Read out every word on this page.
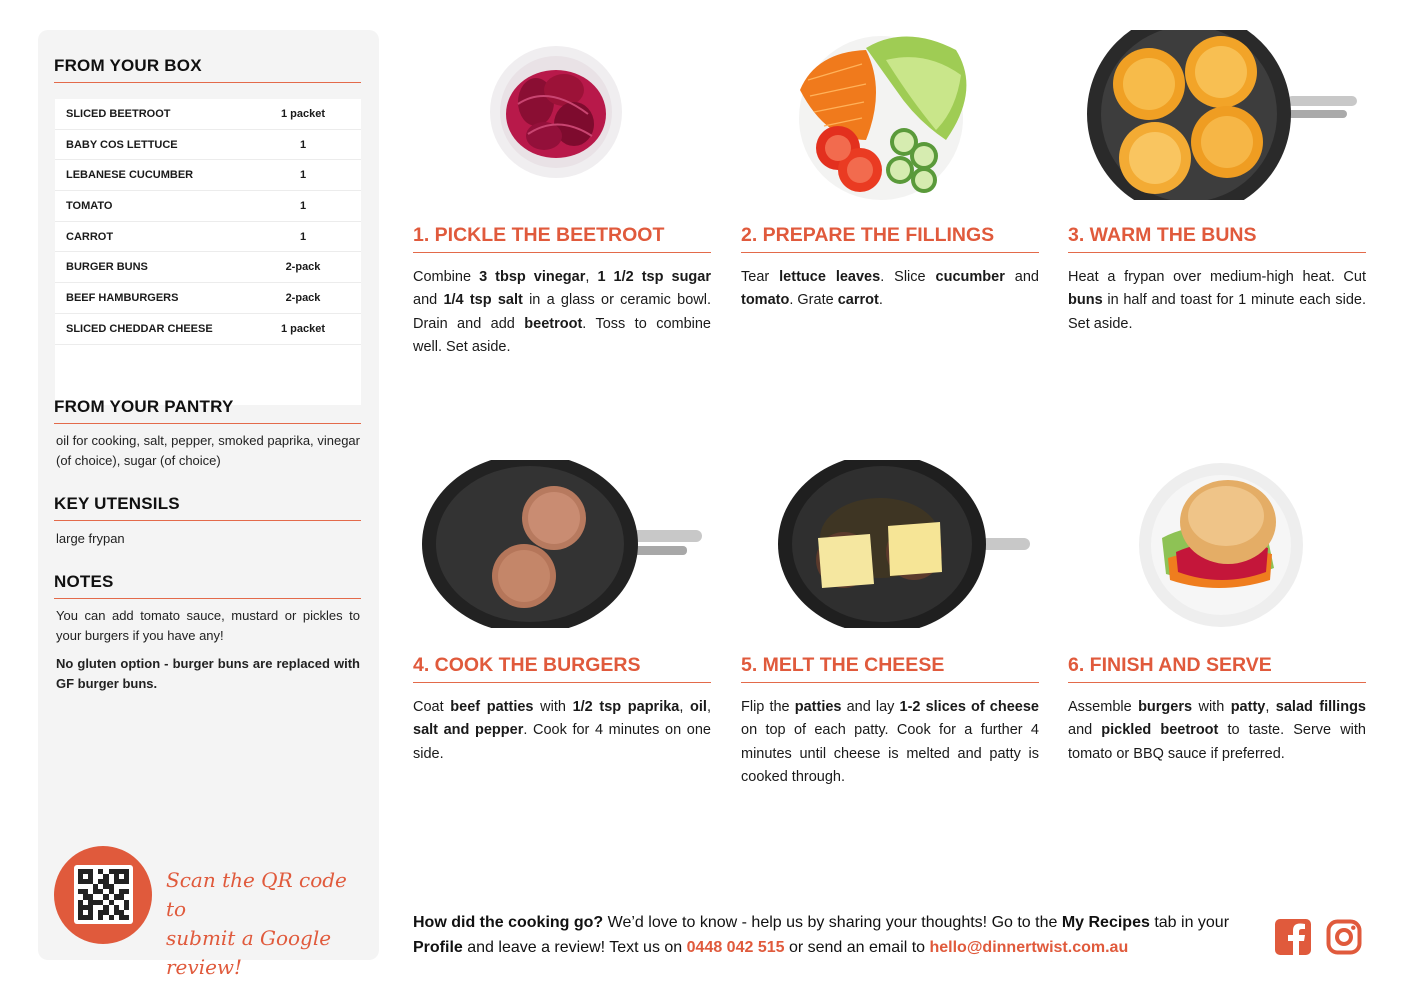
FROM YOUR BOX
SLICED BEETROOT	1 packet
BABY COS LETTUCE	1
LEBANESE CUCUMBER	1
TOMATO	1
CARROT	1
BURGER BUNS	2-pack
BEEF HAMBURGERS	2-pack
SLICED CHEDDAR CHEESE	1 packet
FROM YOUR PANTRY
oil for cooking, salt, pepper, smoked paprika, vinegar (of choice), sugar (of choice)
KEY UTENSILS
large frypan
NOTES
You can add tomato sauce, mustard or pickles to your burgers if you have any!
No gluten option - burger buns are replaced with GF burger buns.
Scan the QR code to
submit a Google review!
1. PICKLE THE BEETROOT
Combine 3 tbsp vinegar, 1 1/2 tsp sugar and 1/4 tsp salt in a glass or ceramic bowl. Drain and add beetroot. Toss to combine well. Set aside.
2. PREPARE THE FILLINGS
Tear lettuce leaves. Slice cucumber and tomato. Grate carrot.
3. WARM THE BUNS
Heat a frypan over medium-high heat. Cut buns in half and toast for 1 minute each side. Set aside.
4. COOK THE BURGERS
Coat beef patties with 1/2 tsp paprika, oil, salt and pepper. Cook for 4 minutes on one side.
5. MELT THE CHEESE
Flip the patties and lay 1-2 slices of cheese on top of each patty. Cook for a further 4 minutes until cheese is melted and patty is cooked through.
6. FINISH AND SERVE
Assemble burgers with patty, salad fillings and pickled beetroot to taste. Serve with tomato or BBQ sauce if preferred.
How did the cooking go? We’d love to know - help us by sharing your thoughts! Go to the My Recipes tab in your Profile and leave a review! Text us on 0448 042 515 or send an email to hello@dinnertwist.com.au
